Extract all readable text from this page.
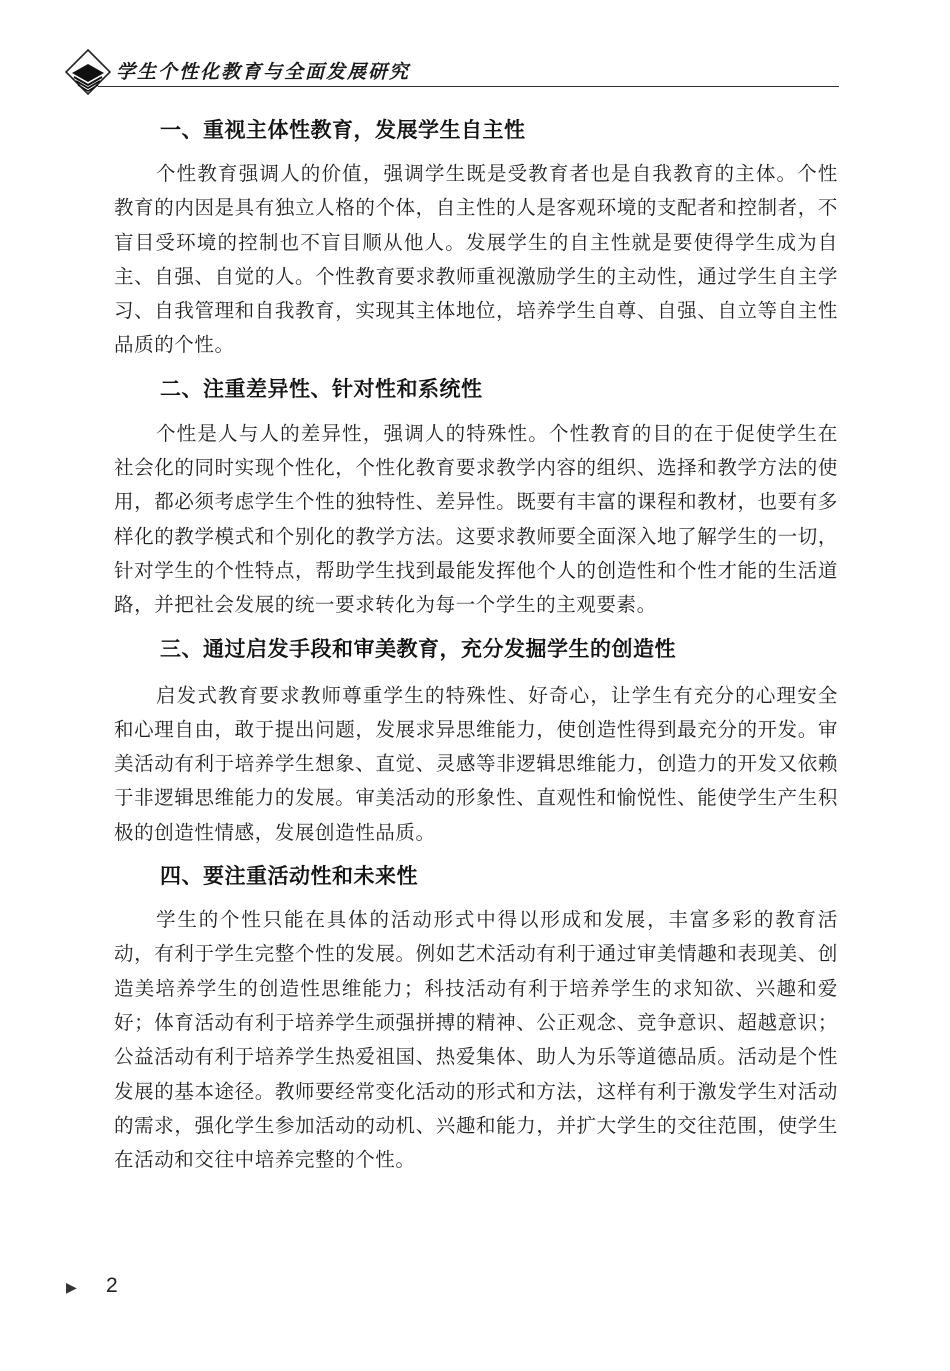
学生个性化教育与全面发展研究
一、重视主体性教育，发展学生自主性

个性教育强调人的价值，强调学生既是受教育者也是自我教育的主体。个性教育的内因是具有独立人格的个体，自主性的人是客观环境的支配者和控制者，不盲目受环境的控制也不盲目顺从他人。发展学生的自主性就是要使得学生成为自主、自强、自觉的人。个性教育要求教师重视激励学生的主动性，通过学生自主学习、自我管理和自我教育，实现其主体地位，培养学生自尊、自强、自立等自主性品质的个性。

二、注重差异性、针对性和系统性

个性是人与人的差异性，强调人的特殊性。个性教育的目的在于促使学生在社会化的同时实现个性化，个性化教育要求教学内容的组织、选择和教学方法的使用，都必须考虑学生个性的独特性、差异性。既要有丰富的课程和教材，也要有多样化的教学模式和个别化的教学方法。这要求教师要全面深入地了解学生的一切，针对学生的个性特点，帮助学生找到最能发挥他个人的创造性和个性才能的生活道路，并把社会发展的统一要求转化为每一个学生的主观要素。

三、通过启发手段和审美教育，充分发掘学生的创造性

启发式教育要求教师尊重学生的特殊性、好奇心，让学生有充分的心理安全和心理自由，敢于提出问题，发展求异思维能力，使创造性得到最充分的开发。审美活动有利于培养学生想象、直觉、灵感等非逻辑思维能力，创造力的开发又依赖于非逻辑思维能力的发展。审美活动的形象性、直观性和愉悦性、能使学生产生积极的创造性情感，发展创造性品质。

四、要注重活动性和未来性

学生的个性只能在具体的活动形式中得以形成和发展，丰富多彩的教育活动，有利于学生完整个性的发展。例如艺术活动有利于通过审美情趣和表现美、创造美培养学生的创造性思维能力；科技活动有利于培养学生的求知欲、兴趣和爱好；体育活动有利于培养学生顽强拼搏的精神、公正观念、竞争意识、超越意识；公益活动有利于培养学生热爱祖国、热爱集体、助人为乐等道德品质。活动是个性发展的基本途径。教师要经常变化活动的形式和方法，这样有利于激发学生对活动的需求，强化学生参加活动的动机、兴趣和能力，并扩大学生的交往范围，使学生在活动和交往中培养完整的个性。

▶ 2
